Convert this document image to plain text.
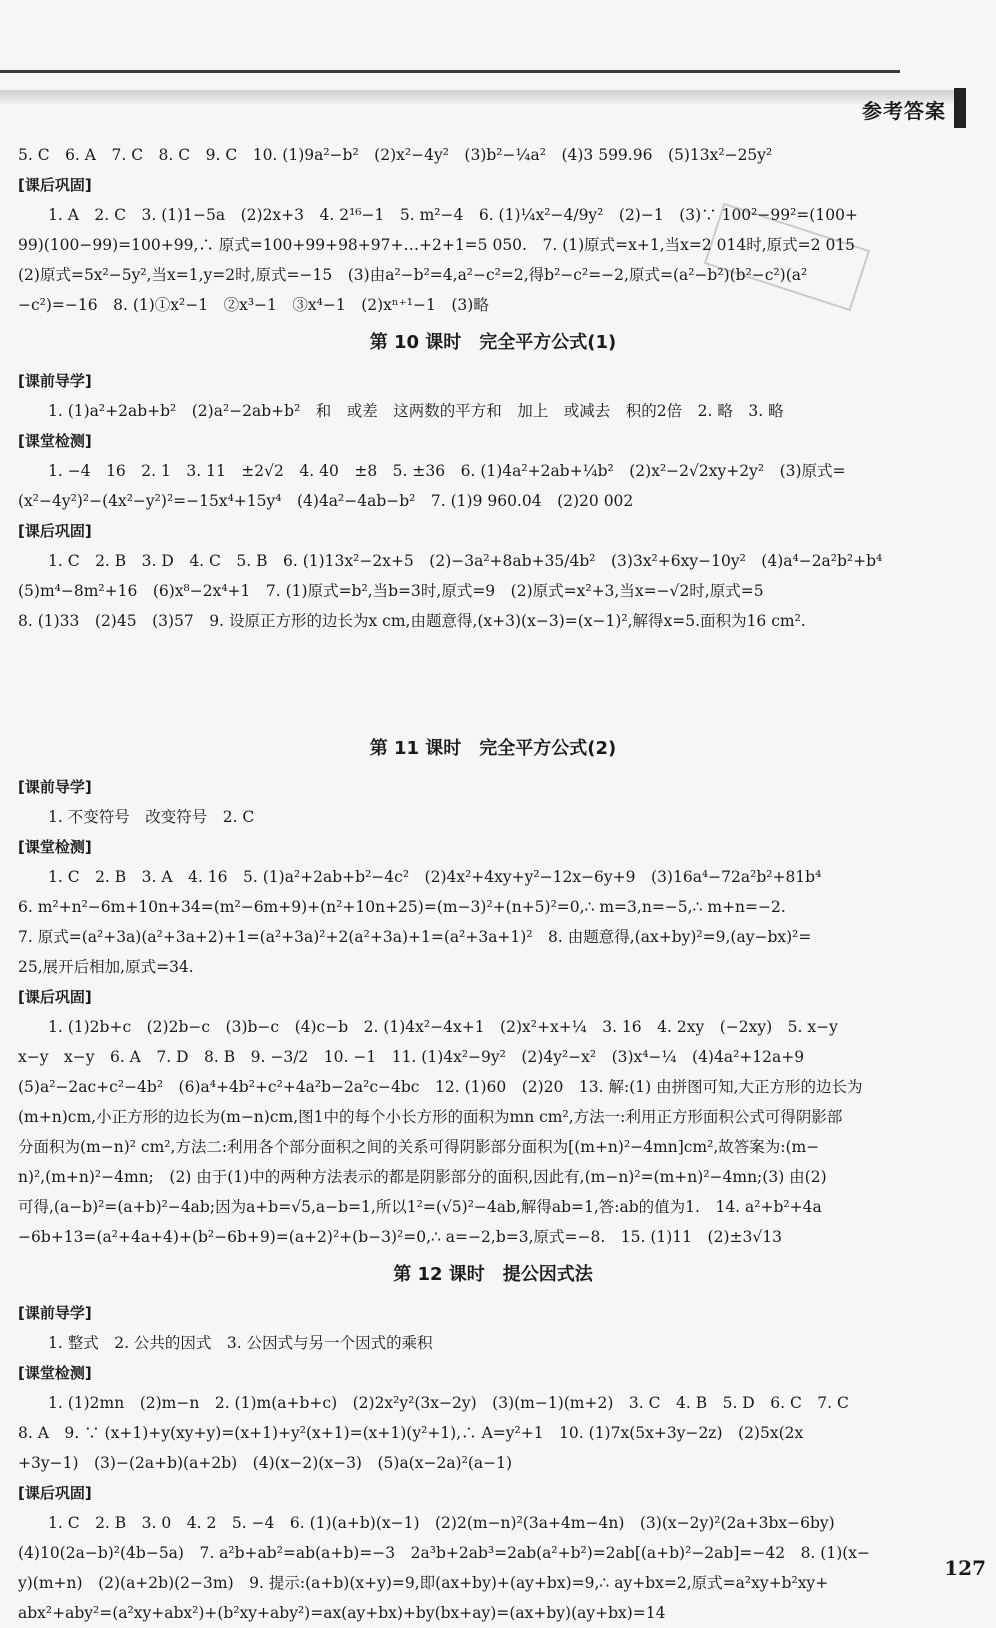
参考答案
5. C　6. A　7. C　8. C　9. C　10. (1)9a²−b²　(2)x²−4y²　(3)b²−¼a²　(4)3 599.96　(5)13x²−25y²
[课后巩固]
1. A　2. C　3. (1)1−5a　(2)2x+3　4. 2¹⁶−1　5. m²−4　6. (1)¼x²−4/9y²　(2)−1　(3)∵ 100²−99²=(100+
99)(100−99)=100+99,∴ 原式=100+99+98+97+…+2+1=5 050.　7. (1)原式=x+1,当x=2 014时,原式=2 015
(2)原式=5x²−5y²,当x=1,y=2时,原式=−15　(3)由a²−b²=4,a²−c²=2,得b²−c²=−2,原式=(a²−b²)(b²−c²)(a²
−c²)=−16　8. (1)①x²−1　②x³−1　③x⁴−1　(2)xⁿ⁺¹−1　(3)略
第 10 课时　完全平方公式(1)
[课前导学]
1. (1)a²+2ab+b²　(2)a²−2ab+b²　和　或差　这两数的平方和　加上　或减去　积的2倍　2. 略　3. 略
[课堂检测]
1. −4　16　2. 1　3. 11　±2√2　4. 40　±8　5. ±36　6. (1)4a²+2ab+¼b²　(2)x²−2√2xy+2y²　(3)原式=
(x²−4y²)²−(4x²−y²)²=−15x⁴+15y⁴　(4)4a²−4ab−b²　7. (1)9 960.04　(2)20 002
[课后巩固]
1. C　2. B　3. D　4. C　5. B　6. (1)13x²−2x+5　(2)−3a²+8ab+35/4b²　(3)3x²+6xy−10y²　(4)a⁴−2a²b²+b⁴
(5)m⁴−8m²+16　(6)x⁸−2x⁴+1　7. (1)原式=b²,当b=3时,原式=9　(2)原式=x²+3,当x=−√2时,原式=5
8. (1)33　(2)45　(3)57　9. 设原正方形的边长为x cm,由题意得,(x+3)(x−3)=(x−1)²,解得x=5.面积为16 cm².
第 11 课时　完全平方公式(2)
[课前导学]
1. 不变符号　改变符号　2. C
[课堂检测]
1. C　2. B　3. A　4. 16　5. (1)a²+2ab+b²−4c²　(2)4x²+4xy+y²−12x−6y+9　(3)16a⁴−72a²b²+81b⁴
6. m²+n²−6m+10n+34=(m²−6m+9)+(n²+10n+25)=(m−3)²+(n+5)²=0,∴ m=3,n=−5,∴ m+n=−2.
7. 原式=(a²+3a)(a²+3a+2)+1=(a²+3a)²+2(a²+3a)+1=(a²+3a+1)²　8. 由题意得,(ax+by)²=9,(ay−bx)²=
25,展开后相加,原式=34.
[课后巩固]
1. (1)2b+c　(2)2b−c　(3)b−c　(4)c−b　2. (1)4x²−4x+1　(2)x²+x+¼　3. 16　4. 2xy　(−2xy)　5. x−y
x−y　x−y　6. A　7. D　8. B　9. −3/2　10. −1　11. (1)4x²−9y²　(2)4y²−x²　(3)x⁴−¼　(4)4a²+12a+9
(5)a²−2ac+c²−4b²　(6)a⁴+4b²+c²+4a²b−2a²c−4bc　12. (1)60　(2)20　13. 解:(1) 由拼图可知,大正方形的边长为
(m+n)cm,小正方形的边长为(m−n)cm,图1中的每个小长方形的面积为mn cm²,方法一:利用正方形面积公式可得阴影部
分面积为(m−n)² cm²,方法二:利用各个部分面积之间的关系可得阴影部分面积为[(m+n)²−4mn]cm²,故答案为:(m−
n)²,(m+n)²−4mn;　(2) 由于(1)中的两种方法表示的都是阴影部分的面积,因此有,(m−n)²=(m+n)²−4mn;(3) 由(2)
可得,(a−b)²=(a+b)²−4ab;因为a+b=√5,a−b=1,所以1²=(√5)²−4ab,解得ab=1,答:ab的值为1.　14. a²+b²+4a
−6b+13=(a²+4a+4)+(b²−6b+9)=(a+2)²+(b−3)²=0,∴ a=−2,b=3,原式=−8.　15. (1)11　(2)±3√13
第 12 课时　提公因式法
[课前导学]
1. 整式　2. 公共的因式　3. 公因式与另一个因式的乘积
[课堂检测]
1. (1)2mn　(2)m−n　2. (1)m(a+b+c)　(2)2x²y²(3x−2y)　(3)(m−1)(m+2)　3. C　4. B　5. D　6. C　7. C
8. A　9. ∵ (x+1)+y(xy+y)=(x+1)+y²(x+1)=(x+1)(y²+1),∴ A=y²+1　10. (1)7x(5x+3y−2z)　(2)5x(2x
+3y−1)　(3)−(2a+b)(a+2b)　(4)(x−2)(x−3)　(5)a(x−2a)²(a−1)
[课后巩固]
1. C　2. B　3. 0　4. 2　5. −4　6. (1)(a+b)(x−1)　(2)2(m−n)²(3a+4m−4n)　(3)(x−2y)²(2a+3bx−6by)
(4)10(2a−b)²(4b−5a)　7. a²b+ab²=ab(a+b)=−3　2a³b+2ab³=2ab(a²+b²)=2ab[(a+b)²−2ab]=−42　8. (1)(x−
y)(m+n)　(2)(a+2b)(2−3m)　9. 提示:(a+b)(x+y)=9,即(ax+by)+(ay+bx)=9,∴ ay+bx=2,原式=a²xy+b²xy+
abx²+aby²=(a²xy+abx²)+(b²xy+aby²)=ax(ay+bx)+by(bx+ay)=(ax+by)(ay+bx)=14
127
